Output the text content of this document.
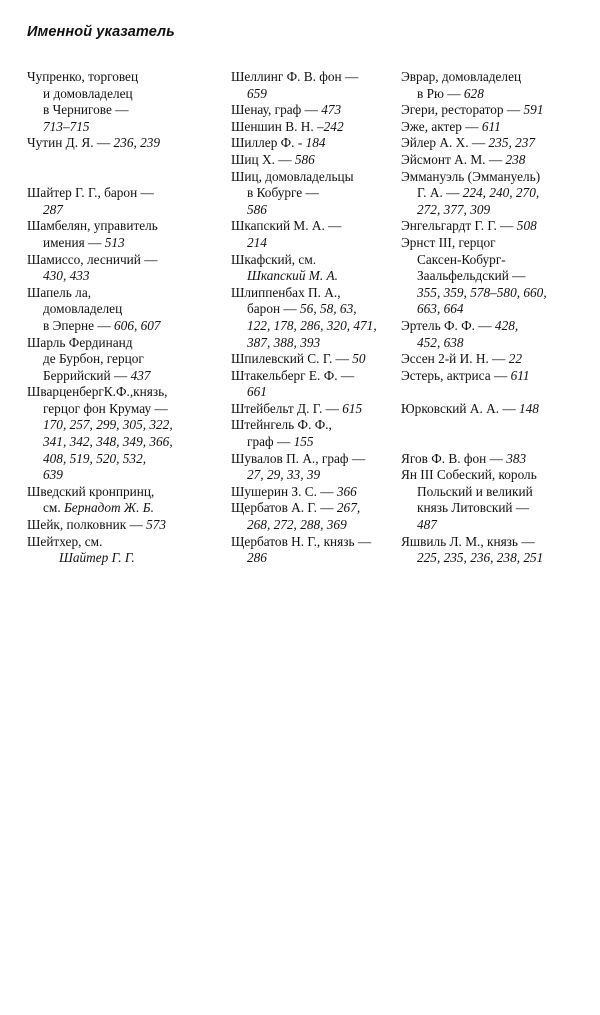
Именной указатель
Чупренко, торговец
и домовладелец
в Чернигове —
713–715
Чутин Д. Я. — 236, 239
Шайтер Г. Г., барон —
287
Шамбелян, управитель
имения — 513
Шамиссо, лесничий —
430, 433
Шапель ла,
домовладелец
в Эперне — 606, 607
Шарль Фердинанд
де Бурбон, герцог
Беррийский — 437
ШварценбергК.Ф.,князь,
герцог фон Крумау —
170, 257, 299, 305, 322,
341, 342, 348, 349, 366,
408, 519, 520, 532,
639
Шведский кронпринц,
см. Бернадот Ж. Б.
Шейк, полковник — 573
Шейтхер, см.
Шайтер Г. Г.
Шеллинг Ф. В. фон —
659
Шенау, граф — 473
Шеншин В. Н. –242
Шиллер Ф. - 184
Шиц Х. — 586
Шиц, домовладельцы
в Кобурге —
586
Шкапский М. А. —
214
Шкафский, см.
Шкапский М. А.
Шлиппенбах П. А.,
барон — 56, 58, 63,
122, 178, 286, 320, 471,
387, 388, 393
Шпилевский С. Г. — 50
Штакельберг Е. Ф. —
661
Штейбельт Д. Г. — 615
Штейнгель Ф. Ф.,
граф — 155
Шувалов П. А., граф —
27, 29, 33, 39
Шушерин З. С. — 366
Щербатов А. Г. — 267,
268, 272, 288, 369
Щербатов Н. Г., князь —
286
Эврар, домовладелец
в Рю — 628
Эгери, ресторатор — 591
Эже, актер — 611
Эйлер А. Х. — 235, 237
Эйсмонт А. М. — 238
Эммануэль (Эммануель)
Г. А. — 224, 240, 270,
272, 377, 309
Энгельгардт Г. Г. — 508
Эрнст III, герцог
Саксен-Кобург-
Заальфельдский —
355, 359, 578–580, 660,
663, 664
Эртель Ф. Ф. — 428,
452, 638
Эссен 2-й И. Н. — 22
Эстерь, актриса — 611
Юрковский А. А. — 148
Ягов Ф. В. фон — 383
Ян III Собеский, король
Польский и великий
князь Литовский —
487
Яшвиль Л. М., князь —
225, 235, 236, 238, 251
